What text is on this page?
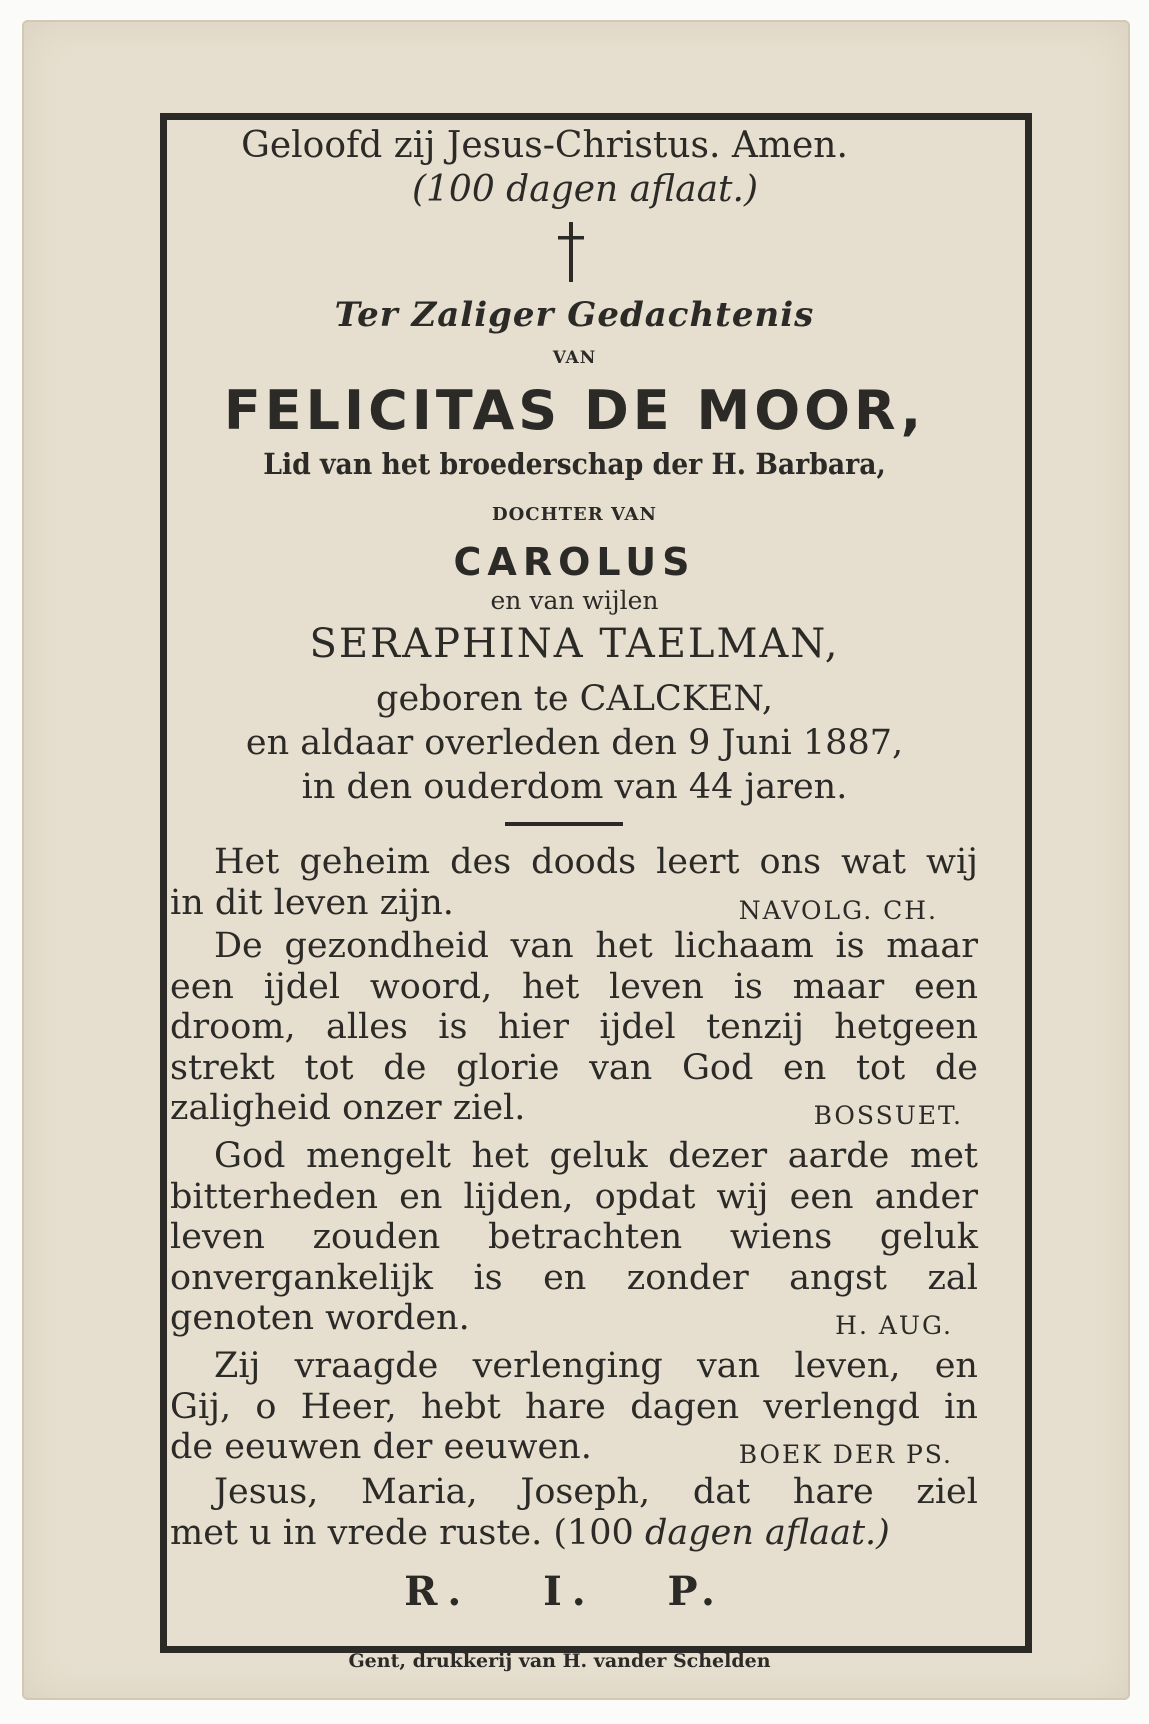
Geloofd zij Jesus-Christus. Amen.
(100 dagen aflaat.)
Ter Zaliger Gedachtenis
VAN
FELICITAS DE MOOR,
Lid van het broederschap der H. Barbara,
DOCHTER VAN
CAROLUS
en van wijlen
SERAPHINA TAELMAN,
geboren te CALCKEN,
en aldaar overleden den 9 Juni 1887,
in den ouderdom van 44 jaren.
Het geheim des doods leert ons wat wij
in dit leven zijn.	NAVOLG. CH.
De gezondheid van het lichaam is maar
een ijdel woord, het leven is maar een
droom, alles is hier ijdel tenzij hetgeen
strekt tot de glorie van God en tot de
zaligheid onzer ziel.	BOSSUET.
God mengelt het geluk dezer aarde met
bitterheden en lijden, opdat wij een ander
leven zouden betrachten wiens geluk
onvergankelijk is en zonder angst zal
genoten worden.	H. AUG.
Zij vraagde verlenging van leven, en
Gij, o Heer, hebt hare dagen verlengd in
de eeuwen der eeuwen.	BOEK DER PS.
Jesus, Maria, Joseph, dat hare ziel
met u in vrede ruste. (100
dagen aflaat.)
R.   I.   P.
Gent, drukkerij van H. vander Schelden
